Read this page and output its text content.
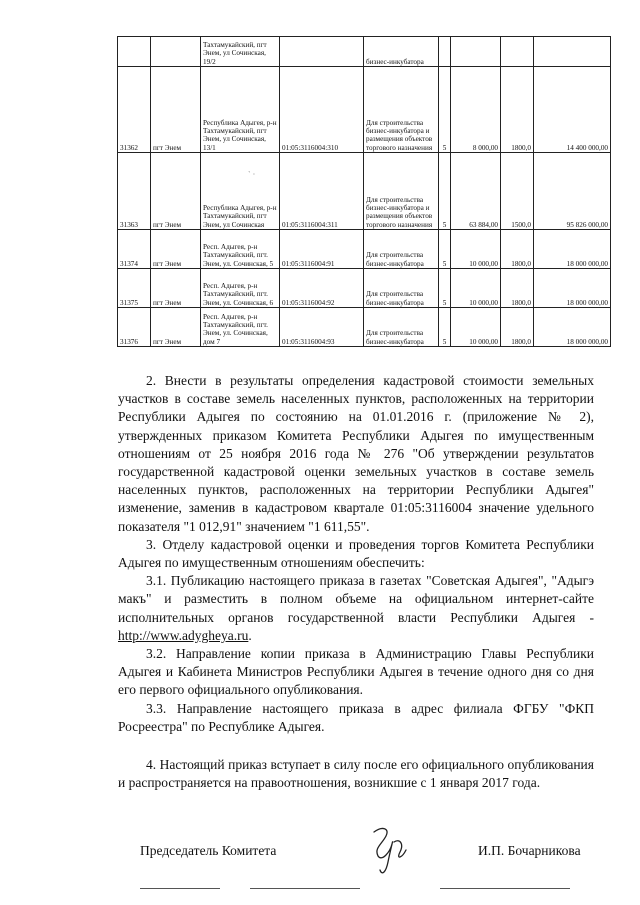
		Тахтамукайский, пгт Энем, ул Сочинская, 19/2		бизнес-инкубатора				
31362	пгт Энем	Республика Адыгея, р-н Тахтамукайский, пгт Энем, ул Сочинская, 13/1	01:05:3116004:310	Для строительства бизнес-инкубатора и размещения объектов торгового назначения	5	8 000,00	1800,0	14 400 000,00
31363	пгт Энем	Республика Адыгея, р-н Тахтамукайский, пгт Энем, ул Сочинская	01:05:3116004:311	Для строительства бизнес-инкубатора и размещения объектов торгового назначения	5	63 884,00	1500,0	95 826 000,00
31374	пгт Энем	Респ. Адыгея, р-н Тахтамукайский, пгт. Энем, ул. Сочинская, 5	01:05:3116004:91	Для строительства бизнес-инкубатора	5	10 000,00	1800,0	18 000 000,00
31375	пгт Энем	Респ. Адыгея, р-н Тахтамукайский, пгт. Энем, ул. Сочинская, 6	01:05:3116004:92	Для строительства бизнес-инкубатора	5	10 000,00	1800,0	18 000 000,00
31376	пгт Энем	Респ. Адыгея, р-н Тахтамукайский, пгт. Энем, ул. Сочинская, дом 7	01:05:3116004:93	Для строительства бизнес-инкубатора	5	10 000,00	1800,0	18 000 000,00
` ·

2. Внести в результаты определения кадастровой стоимости земельных участков в составе земель населенных пунктов, расположенных на территории Республики Адыгея по состоянию на 01.01.2016 г. (приложение № 2), утвержденных приказом Комитета Республики Адыгея по имущественным отношениям от 25 ноября 2016 года № 276 "Об утверждении результатов государственной кадастровой оценки земельных участков в составе земель населенных пунктов, расположенных на территории Республики Адыгея" изменение, заменив в кадастровом квартале 01:05:3116004 значение удельного показателя "1 012,91" значением "1 611,55".

3. Отделу кадастровой оценки и проведения торгов Комитета Республики Адыгея по имущественным отношениям обеспечить:

3.1. Публикацию настоящего приказа в газетах "Советская Адыгея", "Адыгэ макъ" и разместить в полном объеме на официальном интернет-сайте исполнительных органов государственной власти Республики Адыгея - http://www.adygheya.ru.

3.2. Направление копии приказа в Администрацию Главы Республики Адыгея и Кабинета Министров Республики Адыгея в течение одного дня со дня его первого официального опубликования.

3.3. Направление настоящего приказа в адрес филиала ФГБУ "ФКП Росреестра" по Республике Адыгея.

4. Настоящий приказ вступает в силу после его официального опубликования и распространяется на правоотношения, возникшие с 1 января 2017 года.

Председатель Комитета	И.П. Бочарникова
